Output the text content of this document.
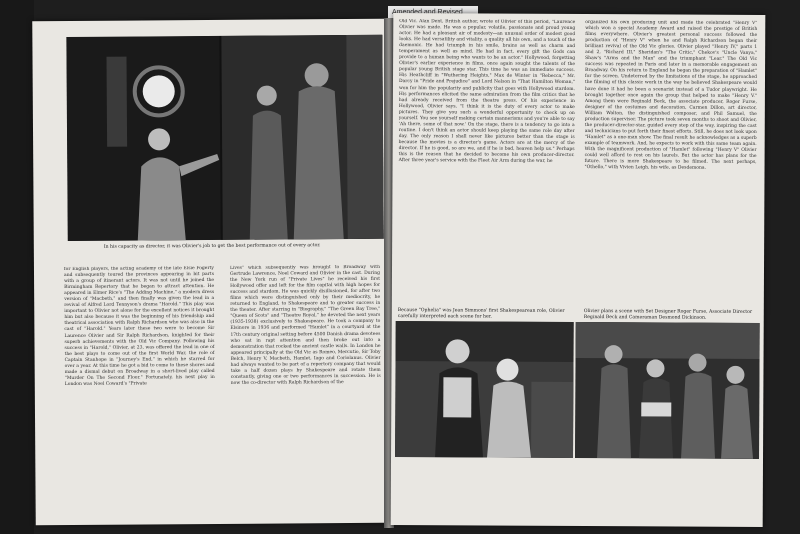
In his capacity as director, it was Olivier's job to get the best performance out of every actor.
for English players, the acting academy of the late Elsie Fogerty and subsequently toured the provinces appearing in bit parts with a group of itinerant actors. It was not until he joined the Birmingham Repertory that he began to attract attention. He appeared in Elmer Rice's "The Adding Machine," a modern dress version of "Macbeth," and then finally was given the lead in a revival of Alfred Lord Tennyson's drama "Harold." This play was important to Olivier not alone for the excellent notices it brought him but also because it was the beginning of his friendship and theatrical association with Ralph Richardson who was also in the cast of "Harold." Years later these two were to become Sir Laurence Olivier and Sir Ralph Richardson, knighted for their superb achievements with the Old Vic Company. Following his success in "Harold," Olivier, at 23, was offered the lead in one of the best plays to come out of the first World War, the role of Captain Stanhope in "Journey's End," in which he starred for over a year. At this time he got a bid to come to these shores and made a dismal debut on Broadway in a short-lived play called "Murder On The Second Floor." Fortunately, his next play in London was Noel Coward's "Private
Lives" which subsequently was brought to Broadway with Gertrude Lawrence, Noel Coward and Olivier in the cast. During the New York run of "Private Lives" he received his first Hollywood offer and left for the film capital with high hopes for success and stardom. He was quickly disillusioned, for after two films which were distinguished only by their mediocrity, he returned to England, to Shakespeare and to greater success in the theater. After starring in "Biography," "The Green Bay Tree," "Queen of Scots" and "Theatre Royal," he devoted the next years (1935-1938) exclusively to Shakespeare. He took a company to Elsinore in 1936 and performed "Hamlet" in a courtyard at the 17th century original setting before 4500 Danish drama devotees who sat in rapt attention and then broke out into a demonstration that rocked the ancient castle walls. In London he appeared principally at the Old Vic as Romeo, Mercutio, Sir Toby Belch, Henry V, Macbeth, Hamlet, Iago and Coriolanus. Olivier had always wanted to be part of a repertory company that would take a half dozen plays by Shakespeare and rotate them constantly, giving one or two performances in succession. He is now the co-director with Ralph Richardson of the
Old Vic. Alan Dent, British author, wrote of Olivier of this period, "Laurence Olivier was made. He was a popular, volatile, passionate and proud young actor. He had a pleasant air of modesty—an unusual order of modest good looks. He had versatility and vitality, a quality all his own, and a touch of the daemonic. He had triumph in his smile, brains as well as charm and temperament as well as mind. He had in fact, every gift the Gods can provide to a human being who wants to be an actor." Hollywood, forgetting Olivier's earlier experience in films, once again sought the talents of the popular young British stage star. This time he was an immediate success. His Heathcliff in "Wuthering Heights," Max de Winter in "Rebecca," Mr. Darcy in "Pride and Prejudice" and Lord Nelson in "That Hamilton Woman," won for him the popularity and publicity that goes with Hollywood stardom. His performances elicited the same admiration from the film critics that he had already received from the theatre press. Of his experience in Hollywood, Olivier says, "I think it is the duty of every actor to make pictures. They give you such a wonderful opportunity to check up on yourself. You see yourself making certain mannerisms and you're able to say 'Ah there, some of that now.' On the stage, there is a tendency to go into a routine. I don't think an actor should keep playing the same role day after day. The only reason I shall never like pictures better than the stage is because the movies is a director's game. Actors are at the mercy of the director. If he is good, so are we, and if he is bad, heaven help us." Perhaps this is the reason that he decided to become his own producer-director. After three year's service with the Fleet Air Arm during the war, he
organized his own producing unit and made the celebrated "Henry V" which won a special Academy Award and raised the prestige of British films everywhere. Olivier's greatest personal success followed the production of "Henry V" when he and Ralph Richardson began their brilliant revival of the Old Vic glories. Olivier played "Henry IV," parts 1 and 2, "Richard III," Sheridan's "The Critic," Chekov's "Uncle Vanya," Shaw's "Arms and the Man" and the triumphant "Lear." The Old Vic success was repeated in Paris and later in a memorable engagement on Broadway. On his return to England he began the preparation of "Hamlet" for the screen. Undeterred by the limitations of the stage, he approached the filming of this classic work in the way he believed Shakespeare would have done it had he been a scenarist instead of a Tudor playwright. He brought together once again the group that helped to make "Henry V." Among them were Reginald Beck, the associate producer, Roger Furse, designer of the costumes and decoration, Carmen Dillon, art director, William Walton, the distinguished composer, and Phil Samuel, the production supervisor. The picture took seven months to shoot and Olivier, the producer-director-star, guided every step of the way, inspiring the cast and technicians to put forth their finest efforts. Still, he does not look upon "Hamlet" as a one-man show. The final result he acknowledges as a superb example of teamwork. And, he expects to work with this same team again. With the magnificent production of "Hamlet" following "Henry V" Olivier could well afford to rest on his laurels. But the actor has plans for the future. There is more Shakespeare to be filmed. The next perhaps, "Othello," with Vivien Leigh, his wife, as Desdemona.
Because "Ophelia" was Jean Simmons' first Shakespearean role, Olivier carefully interpreted each scene for her.
Olivier plans a scene with Set Designer Roger Furse, Associate Director Reginald Beck and Cameraman Desmond Dickinson.
